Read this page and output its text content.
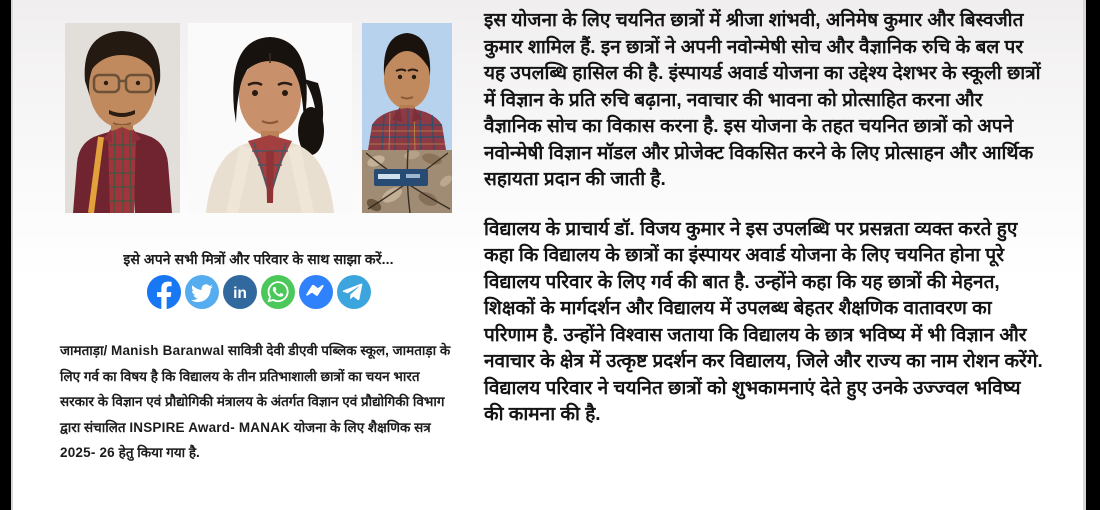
इसे अपने सभी मित्रों और परिवार के साथ साझा करें...
in
जामताड़ा/ Manish Baranwal सावित्री देवी डीएवी पब्लिक स्कूल, जामताड़ा के लिए गर्व का विषय है कि विद्यालय के तीन प्रतिभाशाली छात्रों का चयन भारत सरकार के विज्ञान एवं प्रौद्योगिकी मंत्रालय के अंतर्गत विज्ञान एवं प्रौद्योगिकी विभाग द्वारा संचालित INSPIRE Award- MANAK योजना के लिए शैक्षणिक सत्र 2025- 26 हेतु किया गया है.

इस योजना के लिए चयनित छात्रों में श्रीजा शांभवी, अनिमेष कुमार और बिस्वजीत कुमार शामिल हैं. इन छात्रों ने अपनी नवोन्मेषी सोच और वैज्ञानिक रुचि के बल पर यह उपलब्धि हासिल की है. इंस्पायर्ड अवार्ड योजना का उद्देश्य देशभर के स्कूली छात्रों में विज्ञान के प्रति रुचि बढ़ाना, नवाचार की भावना को प्रोत्साहित करना और वैज्ञानिक सोच का विकास करना है. इस योजना के तहत चयनित छात्रों को अपने नवोन्मेषी विज्ञान मॉडल और प्रोजेक्ट विकसित करने के लिए प्रोत्साहन और आर्थिक सहायता प्रदान की जाती है.

विद्यालय के प्राचार्य डॉ. विजय कुमार ने इस उपलब्धि पर प्रसन्नता व्यक्त करते हुए कहा कि विद्यालय के छात्रों का इंस्पायर अवार्ड योजना के लिए चयनित होना पूरे विद्यालय परिवार के लिए गर्व की बात है. उन्होंने कहा कि यह छात्रों की मेहनत, शिक्षकों के मार्गदर्शन और विद्यालय में उपलब्ध बेहतर शैक्षणिक वातावरण का परिणाम है. उन्होंने विश्वास जताया कि विद्यालय के छात्र भविष्य में भी विज्ञान और नवाचार के क्षेत्र में उत्कृष्ट प्रदर्शन कर विद्यालय, जिले और राज्य का नाम रोशन करेंगे. विद्यालय परिवार ने चयनित छात्रों को शुभकामनाएं देते हुए उनके उज्ज्वल भविष्य की कामना की है.
